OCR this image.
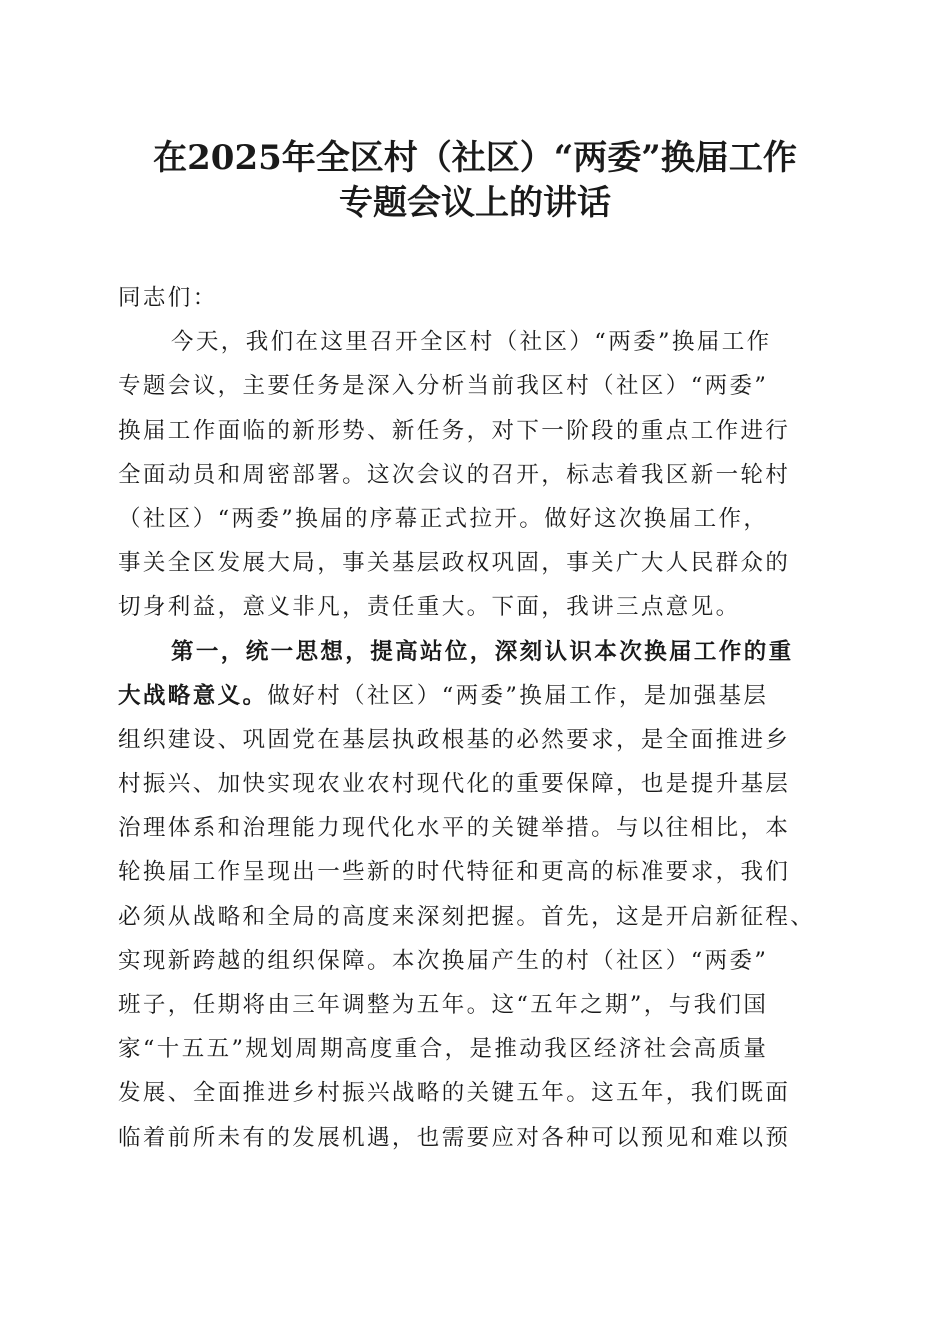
在2025年全区村（社区）“两委”换届工作
专题会议上的讲话
同志们：
今天，我们在这里召开全区村（社区）“两委”换届工作
专题会议，主要任务是深入分析当前我区村（社区）“两委”
换届工作面临的新形势、新任务，对下一阶段的重点工作进行
全面动员和周密部署。这次会议的召开，标志着我区新一轮村
（社区）“两委”换届的序幕正式拉开。做好这次换届工作，
事关全区发展大局，事关基层政权巩固，事关广大人民群众的
切身利益，意义非凡，责任重大。下面，我讲三点意见。
第一，统一思想，提高站位，深刻认识本次换届工作的重
大战略意义。做好村（社区）“两委”换届工作，是加强基层
组织建设、巩固党在基层执政根基的必然要求，是全面推进乡
村振兴、加快实现农业农村现代化的重要保障，也是提升基层
治理体系和治理能力现代化水平的关键举措。与以往相比，本
轮换届工作呈现出一些新的时代特征和更高的标准要求，我们
必须从战略和全局的高度来深刻把握。首先，这是开启新征程、
实现新跨越的组织保障。本次换届产生的村（社区）“两委”
班子，任期将由三年调整为五年。这“五年之期”，与我们国
家“十五五”规划周期高度重合，是推动我区经济社会高质量
发展、全面推进乡村振兴战略的关键五年。这五年，我们既面
临着前所未有的发展机遇，也需要应对各种可以预见和难以预
